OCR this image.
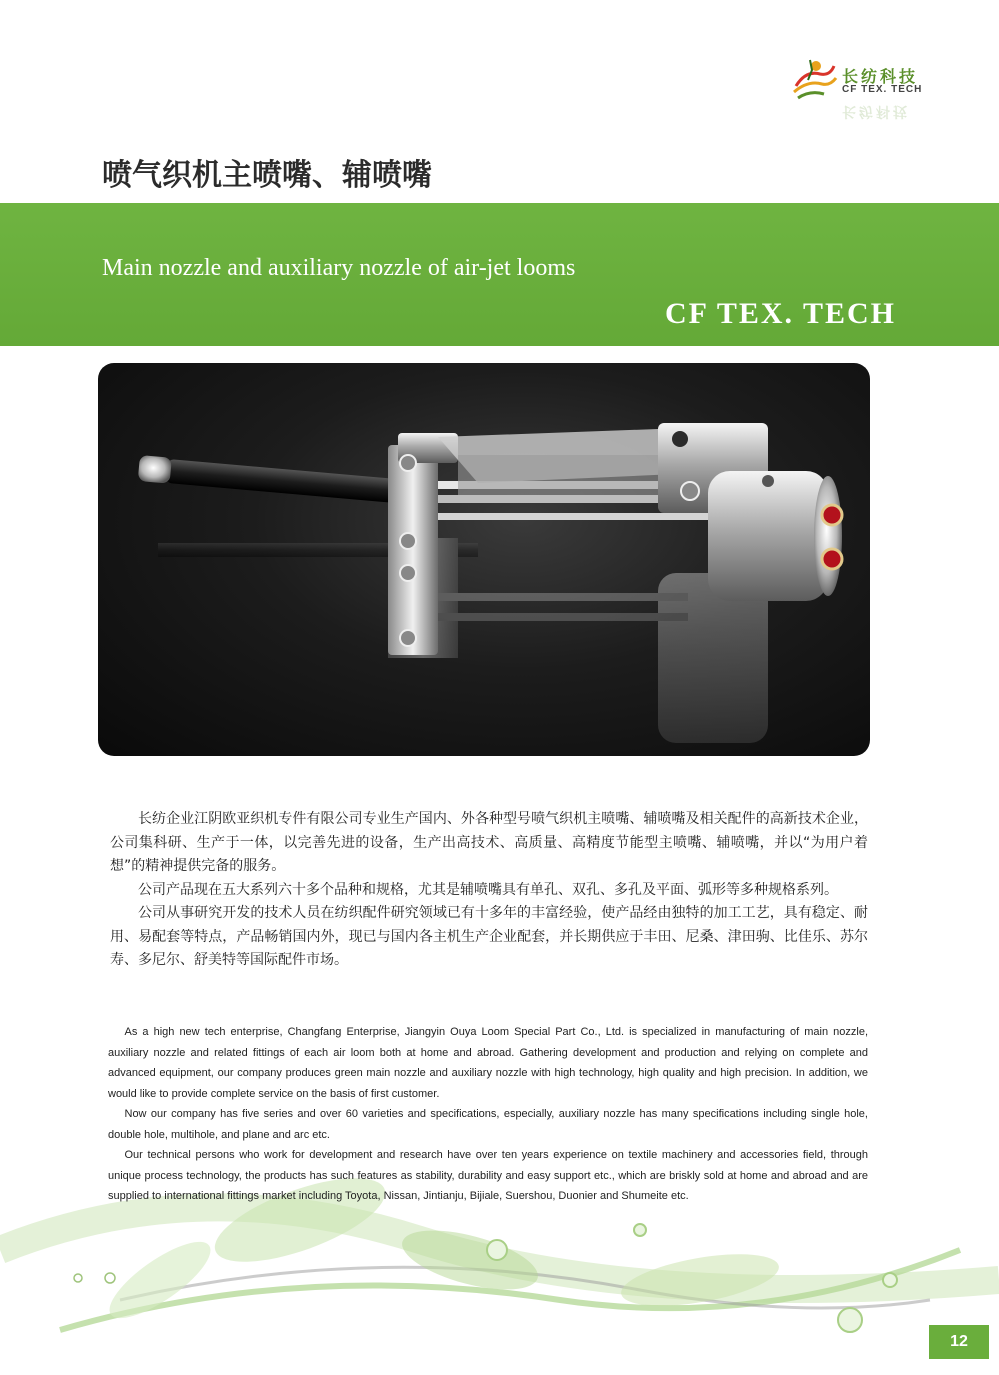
长纺科技
CF TEX. TECH
长纺科技
喷气织机主喷嘴、辅喷嘴
Main nozzle and auxiliary nozzle of air-jet looms
CF TEX. TECH

长纺企业江阴欧亚织机专件有限公司专业生产国内、外各种型号喷气织机主喷嘴、辅喷嘴及相关配件的高新技术企业，公司集科研、生产于一体，以完善先进的设备，生产出高技术、高质量、高精度节能型主喷嘴、辅喷嘴，并以“为用户着想”的精神提供完备的服务。

公司产品现在五大系列六十多个品种和规格，尤其是辅喷嘴具有单孔、双孔、多孔及平面、弧形等多种规格系列。

公司从事研究开发的技术人员在纺织配件研究领域已有十多年的丰富经验，使产品经由独特的加工工艺，具有稳定、耐用、易配套等特点，产品畅销国内外，现已与国内各主机生产企业配套，并长期供应于丰田、尼桑、津田驹、比佳乐、苏尔寿、多尼尔、舒美特等国际配件市场。

As a high new tech enterprise, Changfang Enterprise, Jiangyin Ouya Loom Special Part Co., Ltd. is specialized in manufacturing of main nozzle, auxiliary nozzle and related fittings of each air loom both at home and abroad. Gathering development and production and relying on complete and advanced equipment, our company produces green main nozzle and auxiliary nozzle with high technology, high quality and high precision. In addition, we would like to provide complete service on the basis of first customer.

Now our company has five series and over 60 varieties and specifications, especially, auxiliary nozzle has many specifications including single hole, double hole, multihole, and plane and arc etc.

Our technical persons who work for development and research have over ten years experience on textile machinery and accessories field, through unique process technology, the products has such features as stability, durability and easy support etc., which are briskly sold at home and abroad and are supplied to international fittings market including Toyota, Nissan, Jintianju, Bijiale, Suershou, Duonier and Shumeite etc.

12
